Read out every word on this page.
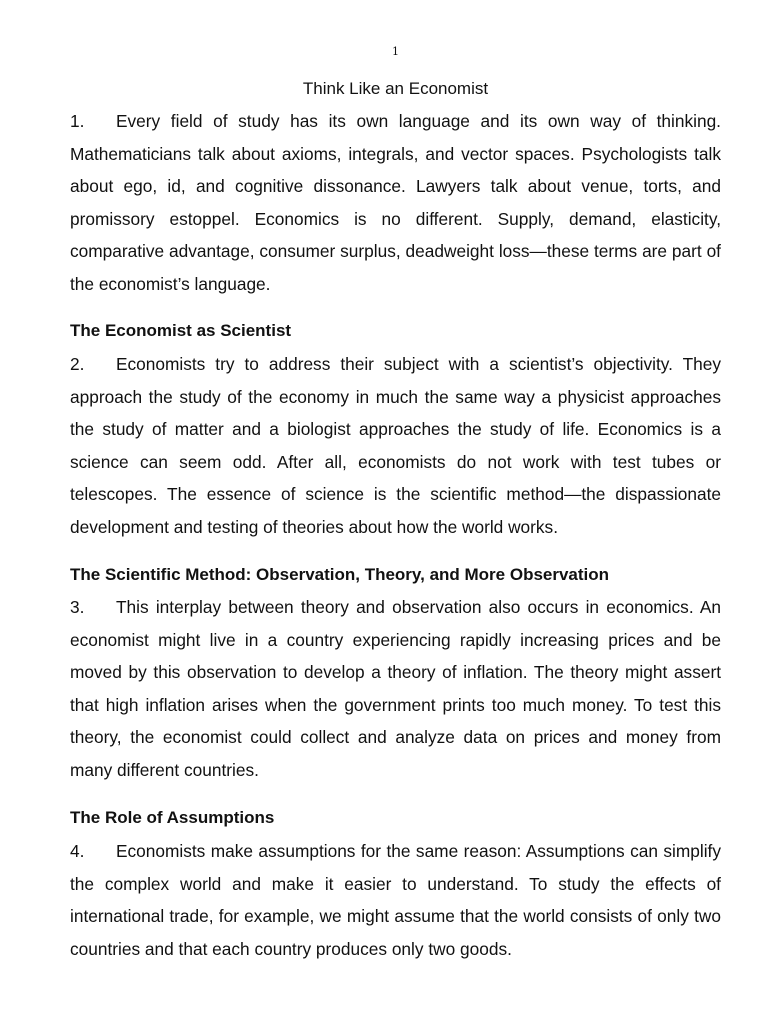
1
Think Like an Economist

1. Every field of study has its own language and its own way of thinking. Mathematicians talk about axioms, integrals, and vector spaces. Psychologists talk about ego, id, and cognitive dissonance. Lawyers talk about venue, torts, and promissory estoppel. Economics is no different. Supply, demand, elasticity, comparative advantage, consumer surplus, deadweight loss—these terms are part of the economist’s language.

The Economist as Scientist

2. Economists try to address their subject with a scientist’s objectivity. They approach the study of the economy in much the same way a physicist approaches the study of matter and a biologist approaches the study of life. Economics is a science can seem odd. After all, economists do not work with test tubes or telescopes. The essence of science is the scientific method—the dispassionate development and testing of theories about how the world works.

The Scientific Method: Observation, Theory, and More Observation

3. This interplay between theory and observation also occurs in economics. An economist might live in a country experiencing rapidly increasing prices and be moved by this observation to develop a theory of inflation. The theory might assert that high inflation arises when the government prints too much money. To test this theory, the economist could collect and analyze data on prices and money from many different countries.

The Role of Assumptions

4. Economists make assumptions for the same reason: Assumptions can simplify the complex world and make it easier to understand. To study the effects of international trade, for example, we might assume that the world consists of only two countries and that each country produces only two goods.
